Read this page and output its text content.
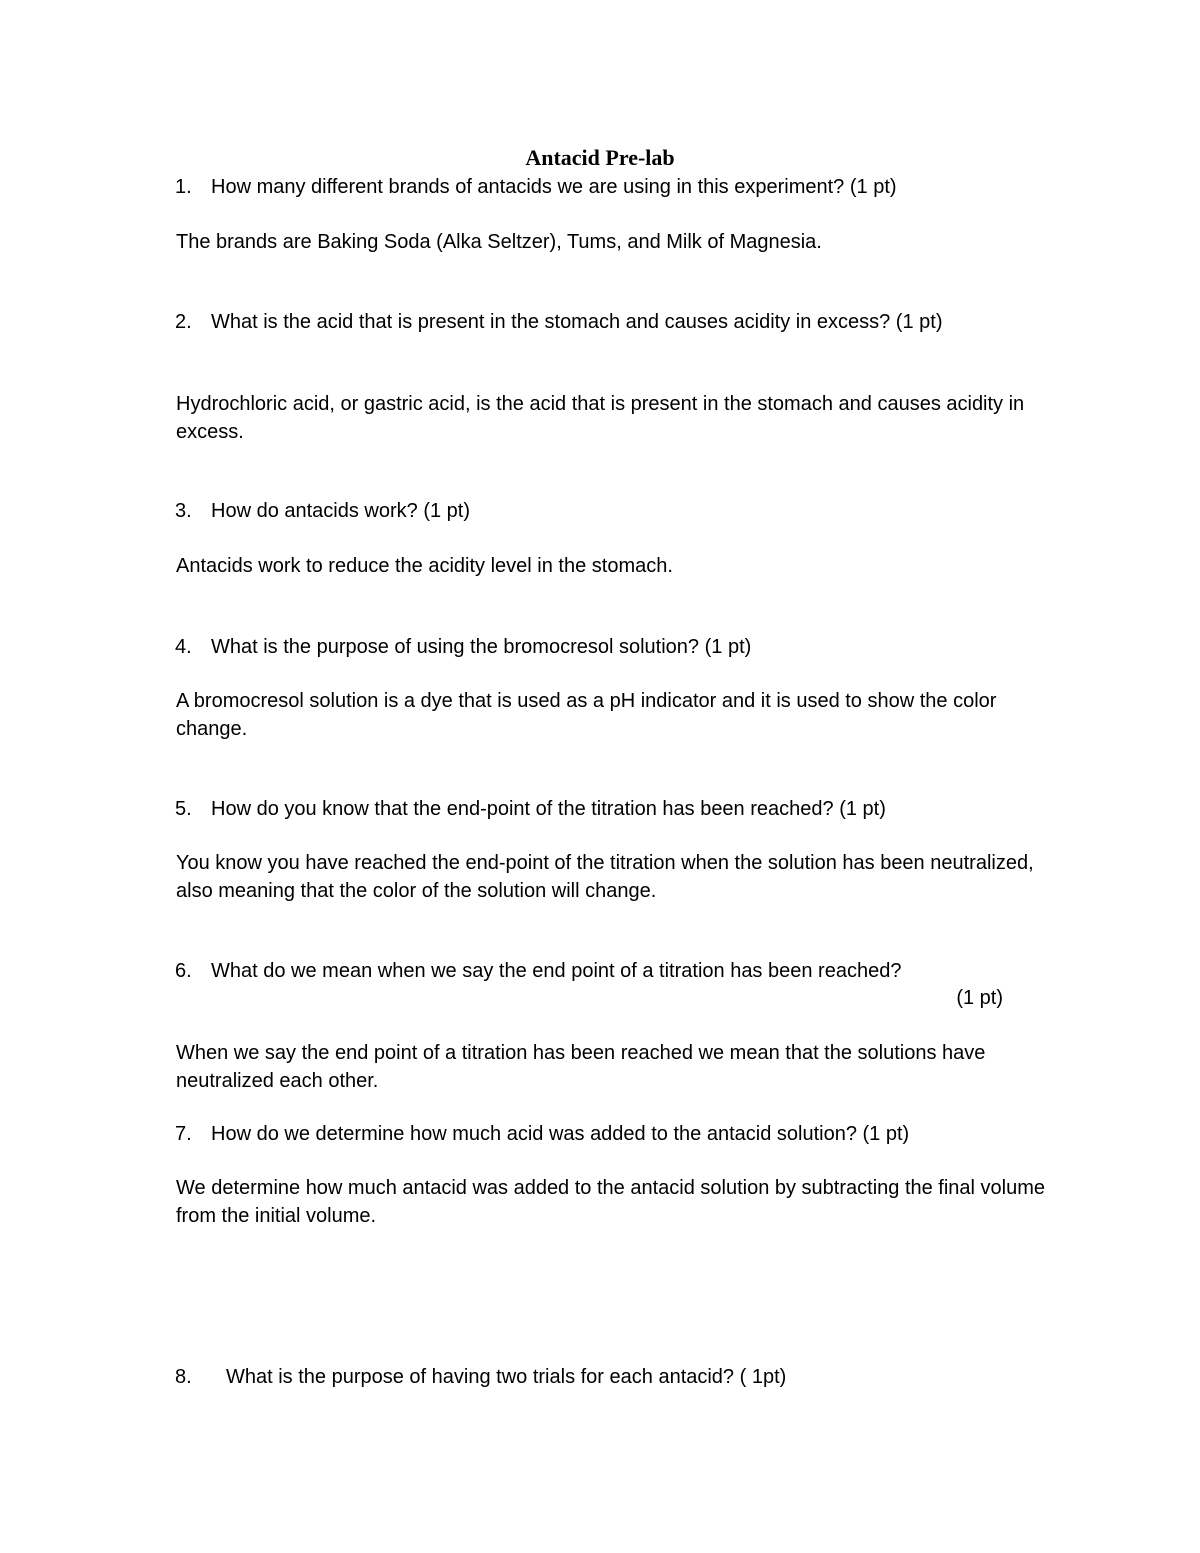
Antacid Pre-lab
1. How many different brands of antacids we are using in this experiment? (1 pt)
The brands are Baking Soda (Alka Seltzer), Tums, and Milk of Magnesia.
2. What is the acid that is present in the stomach and causes acidity in excess? (1 pt)
Hydrochloric acid, or gastric acid, is the acid that is present in the stomach and causes acidity in excess.
3. How do antacids work? (1 pt)
Antacids work to reduce the acidity level in the stomach.
4. What is the purpose of using the bromocresol solution? (1 pt)
A bromocresol solution is a dye that is used as a pH indicator and it is used to show the color change.
5. How do you know that the end-point of the titration has been reached? (1 pt)
You know you have reached the end-point of the titration when the solution has been neutralized, also meaning that the color of the solution will change.
6. What do we mean when we say the end point of a titration has been reached?
(1 pt)
When we say the end point of a titration has been reached we mean that the solutions have neutralized each other.
7. How do we determine how much acid was added to the antacid solution? (1 pt)
We determine how much antacid was added to the antacid solution by subtracting the final volume from the initial volume.
8. What is the purpose of having two trials for each antacid? ( 1pt)
